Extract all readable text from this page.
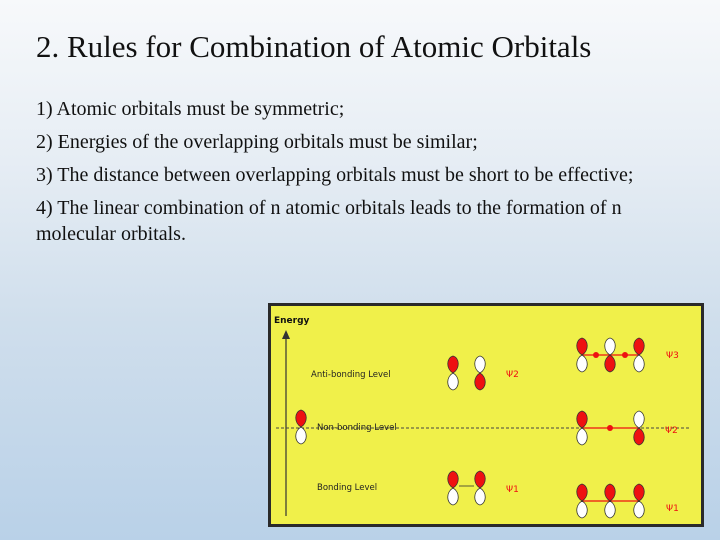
2. Rules for Combination of Atomic Orbitals
1) Atomic orbitals must be symmetric;
2) Energies of the overlapping orbitals must be similar;
3) The distance between overlapping orbitals must be short to be effective;
4) The linear combination of n atomic orbitals leads to the formation of n molecular orbitals.
Energy
Anti-bonding Level
Non-bonding Level
Bonding Level
Ψ2
Ψ1
Ψ3
Ψ2
Ψ1
